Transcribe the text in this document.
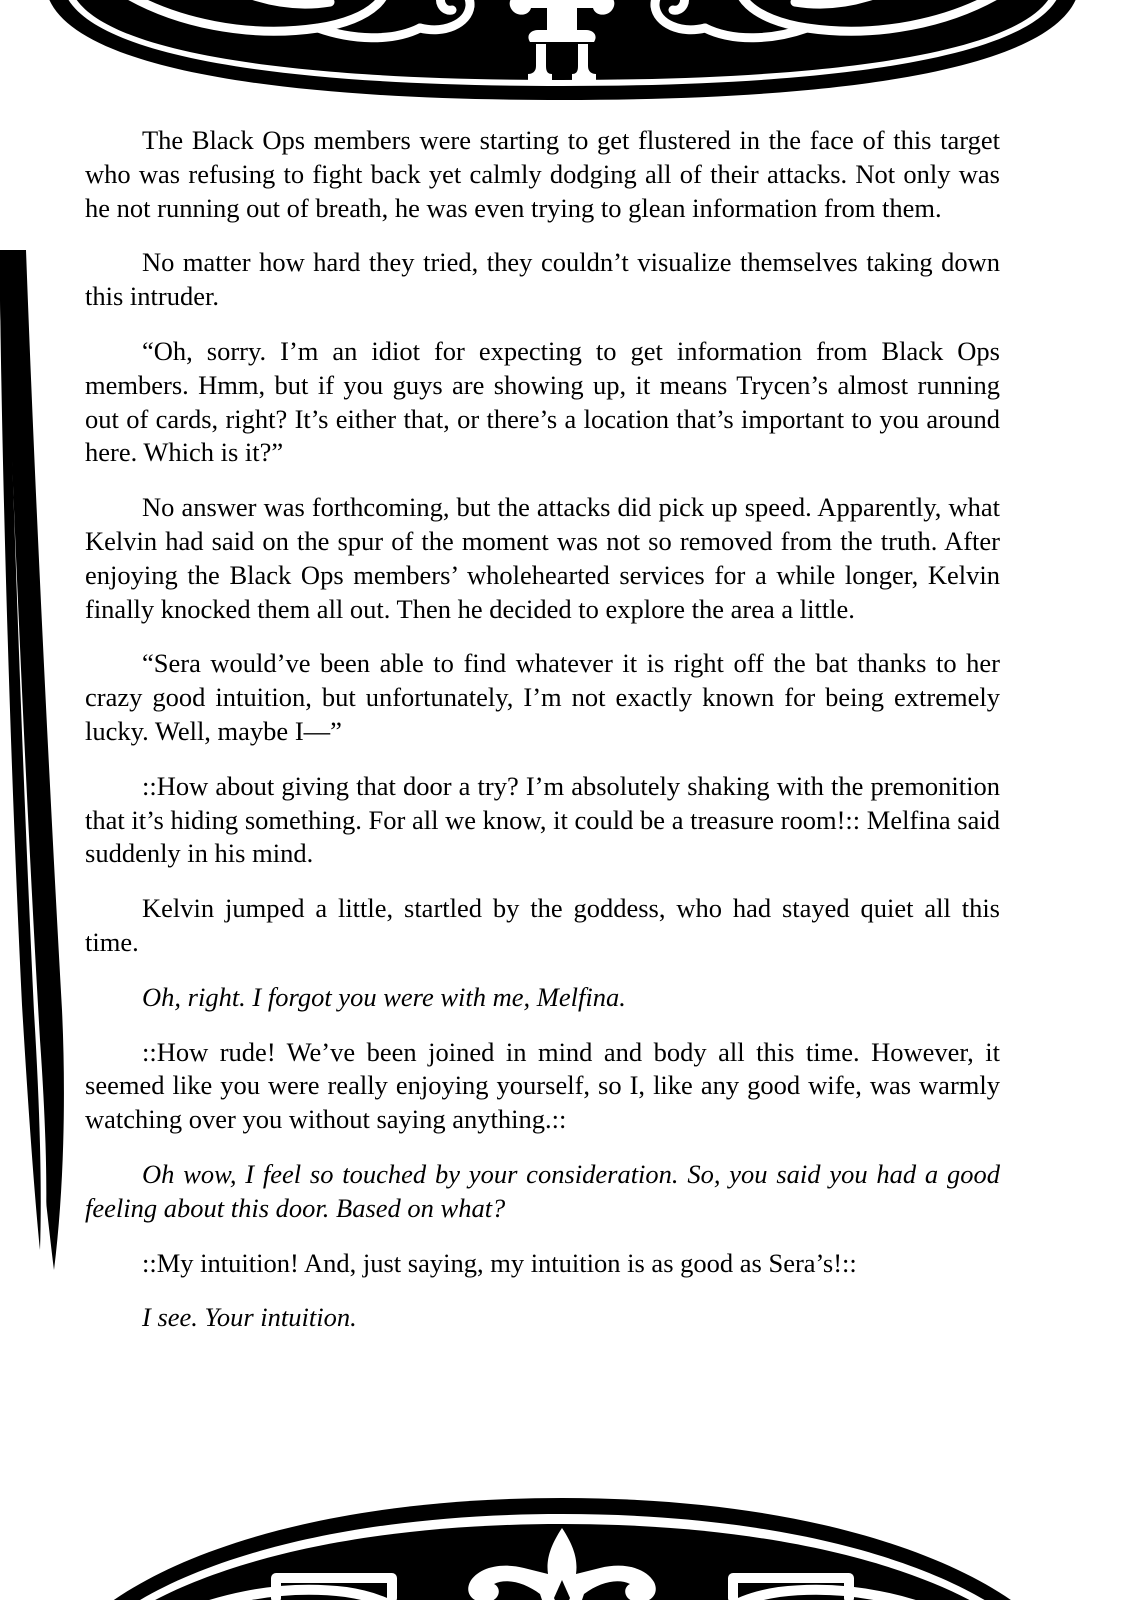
The Black Ops members were starting to get flustered in the face of this target who was refusing to fight back yet calmly dodging all of their attacks. Not only was he not running out of breath, he was even trying to glean information from them.

No matter how hard they tried, they couldn’t visualize themselves taking down this intruder.

“Oh, sorry. I’m an idiot for expecting to get information from Black Ops members. Hmm, but if you guys are showing up, it means Trycen’s almost running out of cards, right? It’s either that, or there’s a location that’s important to you around here. Which is it?”

No answer was forthcoming, but the attacks did pick up speed. Apparently, what Kelvin had said on the spur of the moment was not so removed from the truth. After enjoying the Black Ops members’ wholehearted services for a while longer, Kelvin finally knocked them all out. Then he decided to explore the area a little.

“Sera would’ve been able to find whatever it is right off the bat thanks to her crazy good intuition, but unfortunately, I’m not exactly known for being extremely lucky. Well, maybe I—”

::How about giving that door a try? I’m absolutely shaking with the premonition that it’s hiding something. For all we know, it could be a treasure room!:: Melfina said suddenly in his mind.

Kelvin jumped a little, startled by the goddess, who had stayed quiet all this time.

Oh, right. I forgot you were with me, Melfina.

::How rude! We’ve been joined in mind and body all this time. However, it seemed like you were really enjoying yourself, so I, like any good wife, was warmly watching over you without saying anything.::

Oh wow, I feel so touched by your consideration. So, you said you had a good feeling about this door. Based on what?

::My intuition! And, just saying, my intuition is as good as Sera’s!::

I see. Your intuition.
